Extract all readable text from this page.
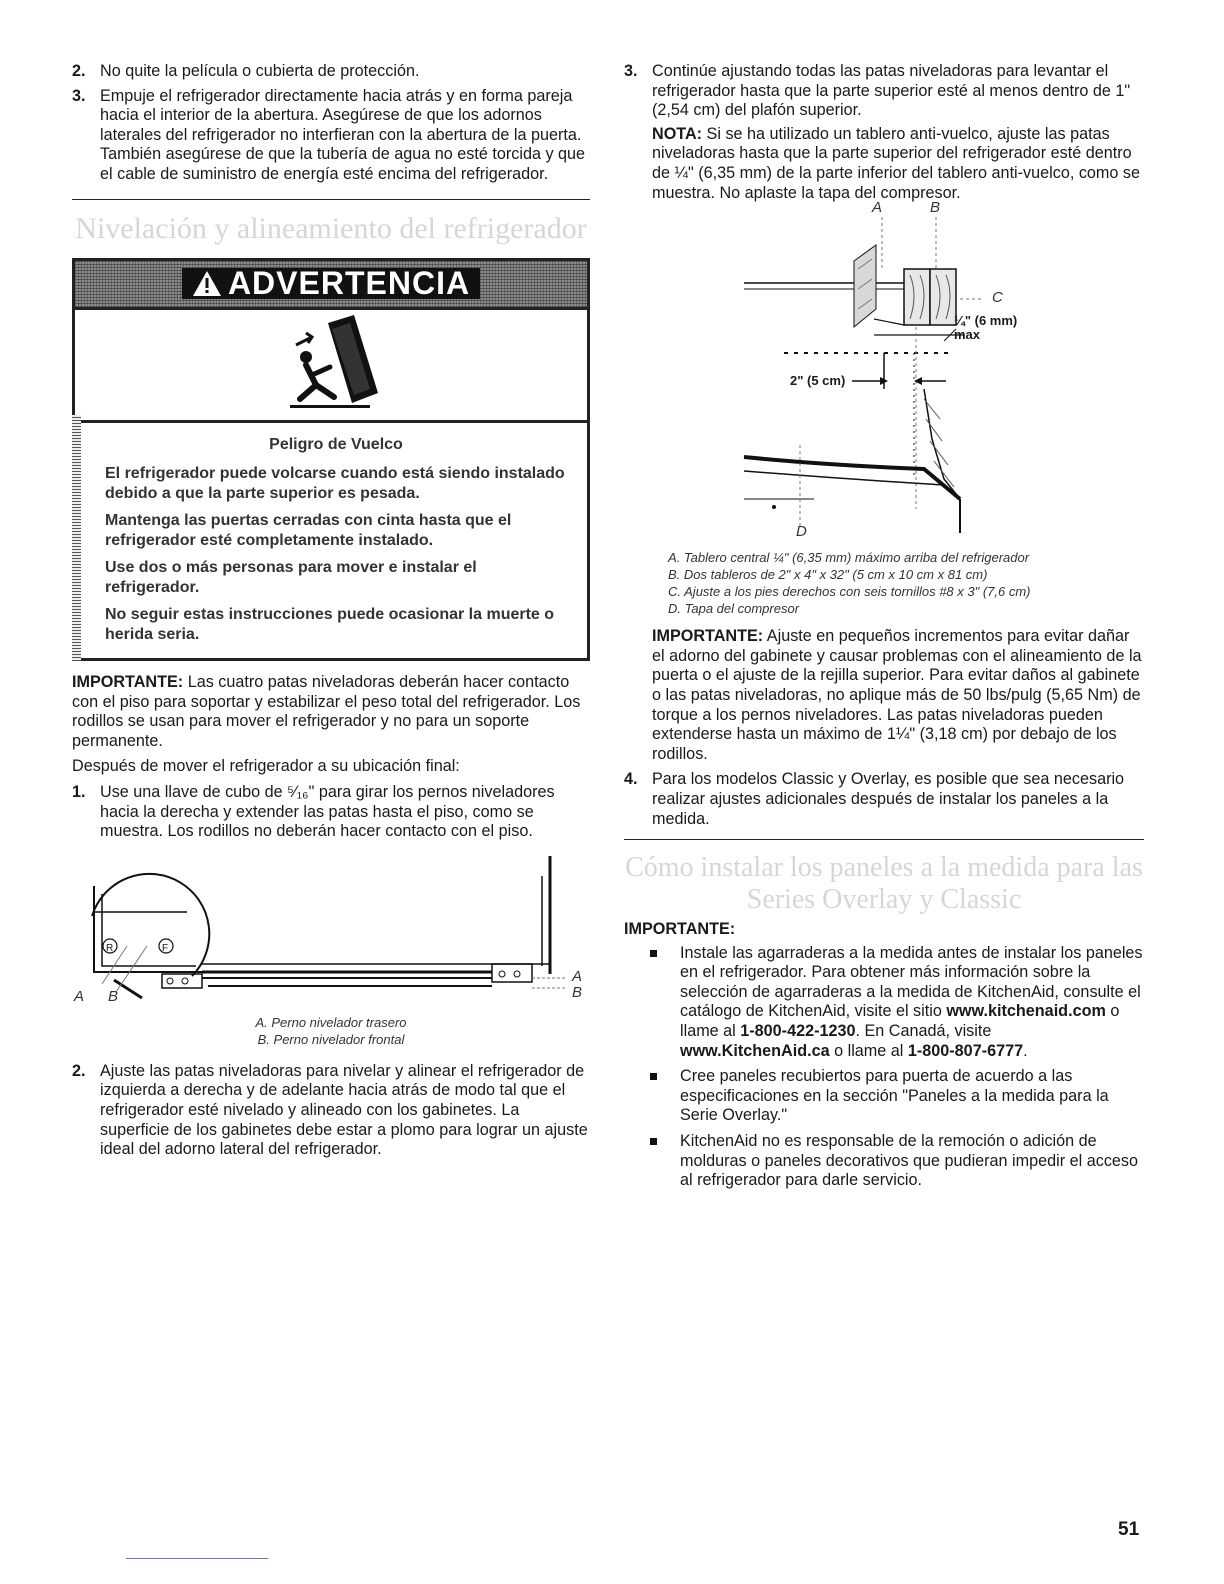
2. No quite la película o cubierta de protección.

3. Empuje el refrigerador directamente hacia atrás y en forma pareja hacia el interior de la abertura. Asegúrese de que los adornos laterales del refrigerador no interfieran con la abertura de la puerta. También asegúrese de que la tubería de agua no esté torcida y que el cable de suministro de energía esté encima del refrigerador.

Nivelación y alineamiento del refrigerador
ADVERTENCIA

Peligro de Vuelco

El refrigerador puede volcarse cuando está siendo instalado debido a que la parte superior es pesada.

Mantenga las puertas cerradas con cinta hasta que el refrigerador esté completamente instalado.

Use dos o más personas para mover e instalar el refrigerador.

No seguir estas instrucciones puede ocasionar la muerte o herida seria.

IMPORTANTE: Las cuatro patas niveladoras deberán hacer contacto con el piso para soportar y estabilizar el peso total del refrigerador. Los rodillos se usan para mover el refrigerador y no para un soporte permanente.

Después de mover el refrigerador a su ubicación final:

1. Use una llave de cubo de ⁵⁄₁₆" para girar los pernos niveladores hacia la derecha y extender las patas hasta el piso, como se muestra. Los rodillos no deberán hacer contacto con el piso.

R	F
A B
A
B
A. Perno nivelador trasero
B. Perno nivelador frontal
2. Ajuste las patas niveladoras para nivelar y alinear el refrigerador de izquierda a derecha y de adelante hacia atrás de modo tal que el refrigerador esté nivelado y alineado con los gabinetes. La superficie de los gabinetes debe estar a plomo para lograr un ajuste ideal del adorno lateral del refrigerador.

3. Continúe ajustando todas las patas niveladoras para levantar el refrigerador hasta que la parte superior esté al menos dentro de 1" (2,54 cm) del plafón superior.

NOTA: Si se ha utilizado un tablero anti-vuelco, ajuste las patas niveladoras hasta que la parte superior del refrigerador esté dentro de ¼" (6,35 mm) de la parte inferior del tablero anti-vuelco, como se muestra. No aplaste la tapa del compresor.

A	B
C
¼" (6 mm)
max
2" (5 cm)
D
A. Tablero central ¼" (6,35 mm) máximo arriba del refrigerador
B. Dos tableros de 2" x 4" x 32" (5 cm x 10 cm x 81 cm)
C. Ajuste a los pies derechos con seis tornillos #8 x 3" (7,6 cm)
D. Tapa del compresor

IMPORTANTE: Ajuste en pequeños incrementos para evitar dañar el adorno del gabinete y causar problemas con el alineamiento de la puerta o el ajuste de la rejilla superior. Para evitar daños al gabinete o las patas niveladoras, no aplique más de 50 lbs/pulg (5,65 Nm) de torque a los pernos niveladores. Las patas niveladoras pueden extenderse hasta un máximo de 1¼" (3,18 cm) por debajo de los rodillos.

4. Para los modelos Classic y Overlay, es posible que sea necesario realizar ajustes adicionales después de instalar los paneles a la medida.

Cómo instalar los paneles a la medida para las
Series Overlay y Classic

IMPORTANTE:

Instale las agarraderas a la medida antes de instalar los paneles en el refrigerador. Para obtener más información sobre la selección de agarraderas a la medida de KitchenAid, consulte el catálogo de KitchenAid, visite el sitio www.kitchenaid.com o llame al 1-800-422-1230. En Canadá, visite www.KitchenAid.ca o llame al 1-800-807-6777.

Cree paneles recubiertos para puerta de acuerdo a las especificaciones en la sección "Paneles a la medida para la Serie Overlay."

KitchenAid no es responsable de la remoción o adición de molduras o paneles decorativos que pudieran impedir el acceso al refrigerador para darle servicio.

51
